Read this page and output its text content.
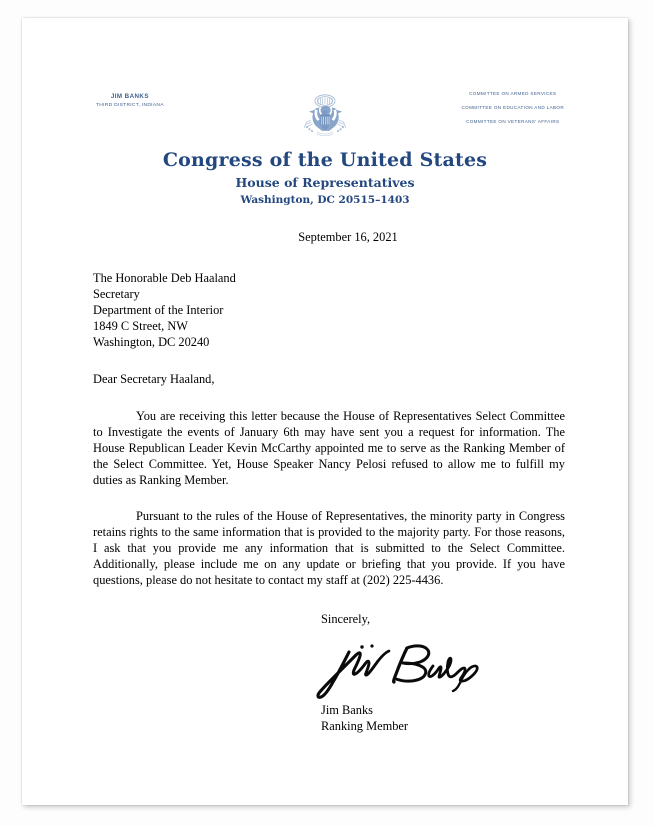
JIM BANKS
THIRD DISTRICT, INDIANA
COMMITTEE ON ARMED SERVICES
COMMITTEE ON EDUCATION AND LABOR
COMMITTEE ON VETERANS' AFFAIRS
Congress of the United States
House of Representatives
Washington, DC 20515–1403
September 16, 2021
The Honorable Deb Haaland
Secretary
Department of the Interior
1849 C Street, NW
Washington, DC 20240
Dear Secretary Haaland,

You are receiving this letter because the House of Representatives Select Committee to Investigate the events of January 6th may have sent you a request for information. The House Republican Leader Kevin McCarthy appointed me to serve as the Ranking Member of the Select Committee. Yet, House Speaker Nancy Pelosi refused to allow me to fulfill my duties as Ranking Member.

Pursuant to the rules of the House of Representatives, the minority party in Congress retains rights to the same information that is provided to the majority party. For those reasons, I ask that you provide me any information that is submitted to the Select Committee. Additionally, please include me on any update or briefing that you provide. If you have questions, please do not hesitate to contact my staff at (202) 225-4436.

Sincerely,
Jim Banks
Ranking Member
